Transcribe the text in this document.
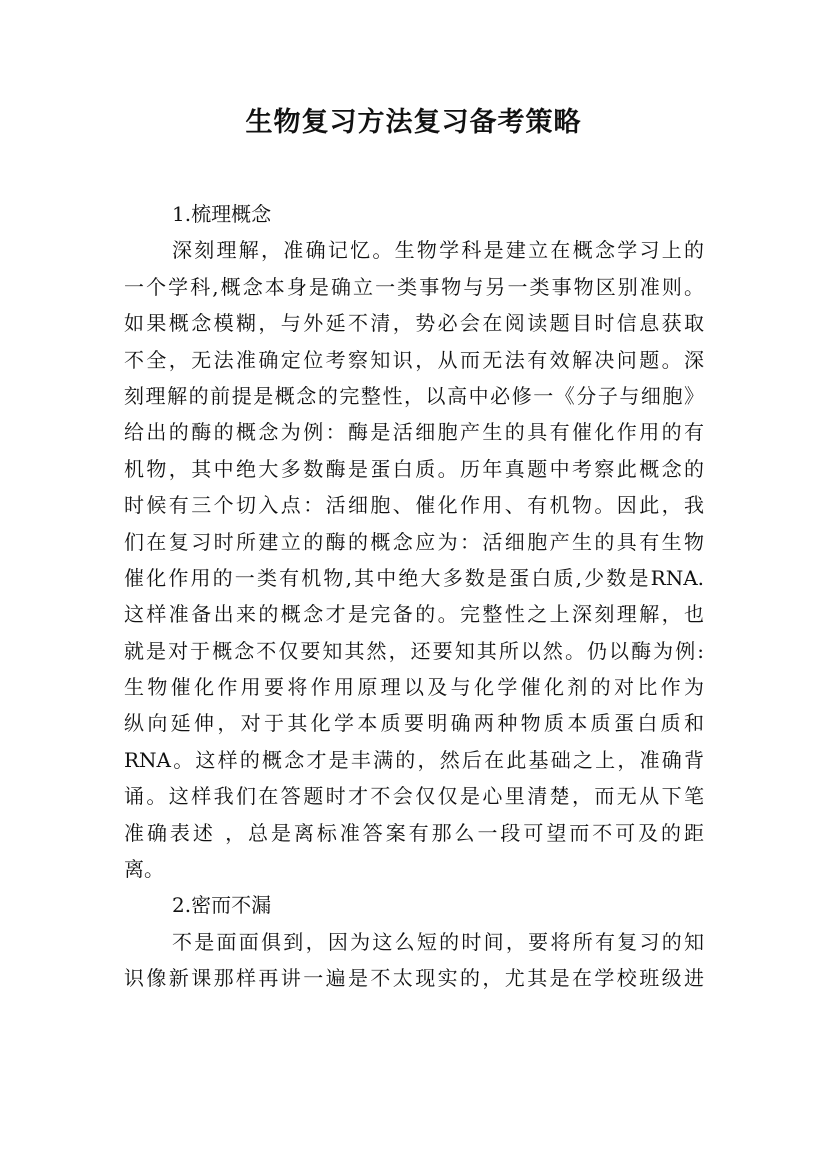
生物复习方法复习备考策略
1.梳理概念
深刻理解，准确记忆。生物学科是建立在概念学习上的
一个学科,概念本身是确立一类事物与另一类事物区别准则。
如果概念模糊，与外延不清，势必会在阅读题目时信息获取
不全，无法准确定位考察知识，从而无法有效解决问题。深
刻理解的前提是概念的完整性，以高中必修一《分子与细胞》
给出的酶的概念为例：酶是活细胞产生的具有催化作用的有
机物，其中绝大多数酶是蛋白质。历年真题中考察此概念的
时候有三个切入点：活细胞、催化作用、有机物。因此，我
们在复习时所建立的酶的概念应为：活细胞产生的具有生物
催化作用的一类有机物,其中绝大多数是蛋白质,少数是RNA.
这样准备出来的概念才是完备的。完整性之上深刻理解，也
就是对于概念不仅要知其然，还要知其所以然。仍以酶为例:
生物催化作用要将作用原理以及与化学催化剂的对比作为
纵向延伸，对于其化学本质要明确两种物质本质蛋白质和
RNA。这样的概念才是丰满的，然后在此基础之上，准确背
诵。这样我们在答题时才不会仅仅是心里清楚，而无从下笔
准确表述 ，总是离标准答案有那么一段可望而不可及的距
离。
2.密而不漏
不是面面俱到，因为这么短的时间，要将所有复习的知
识像新课那样再讲一遍是不太现实的，尤其是在学校班级进
